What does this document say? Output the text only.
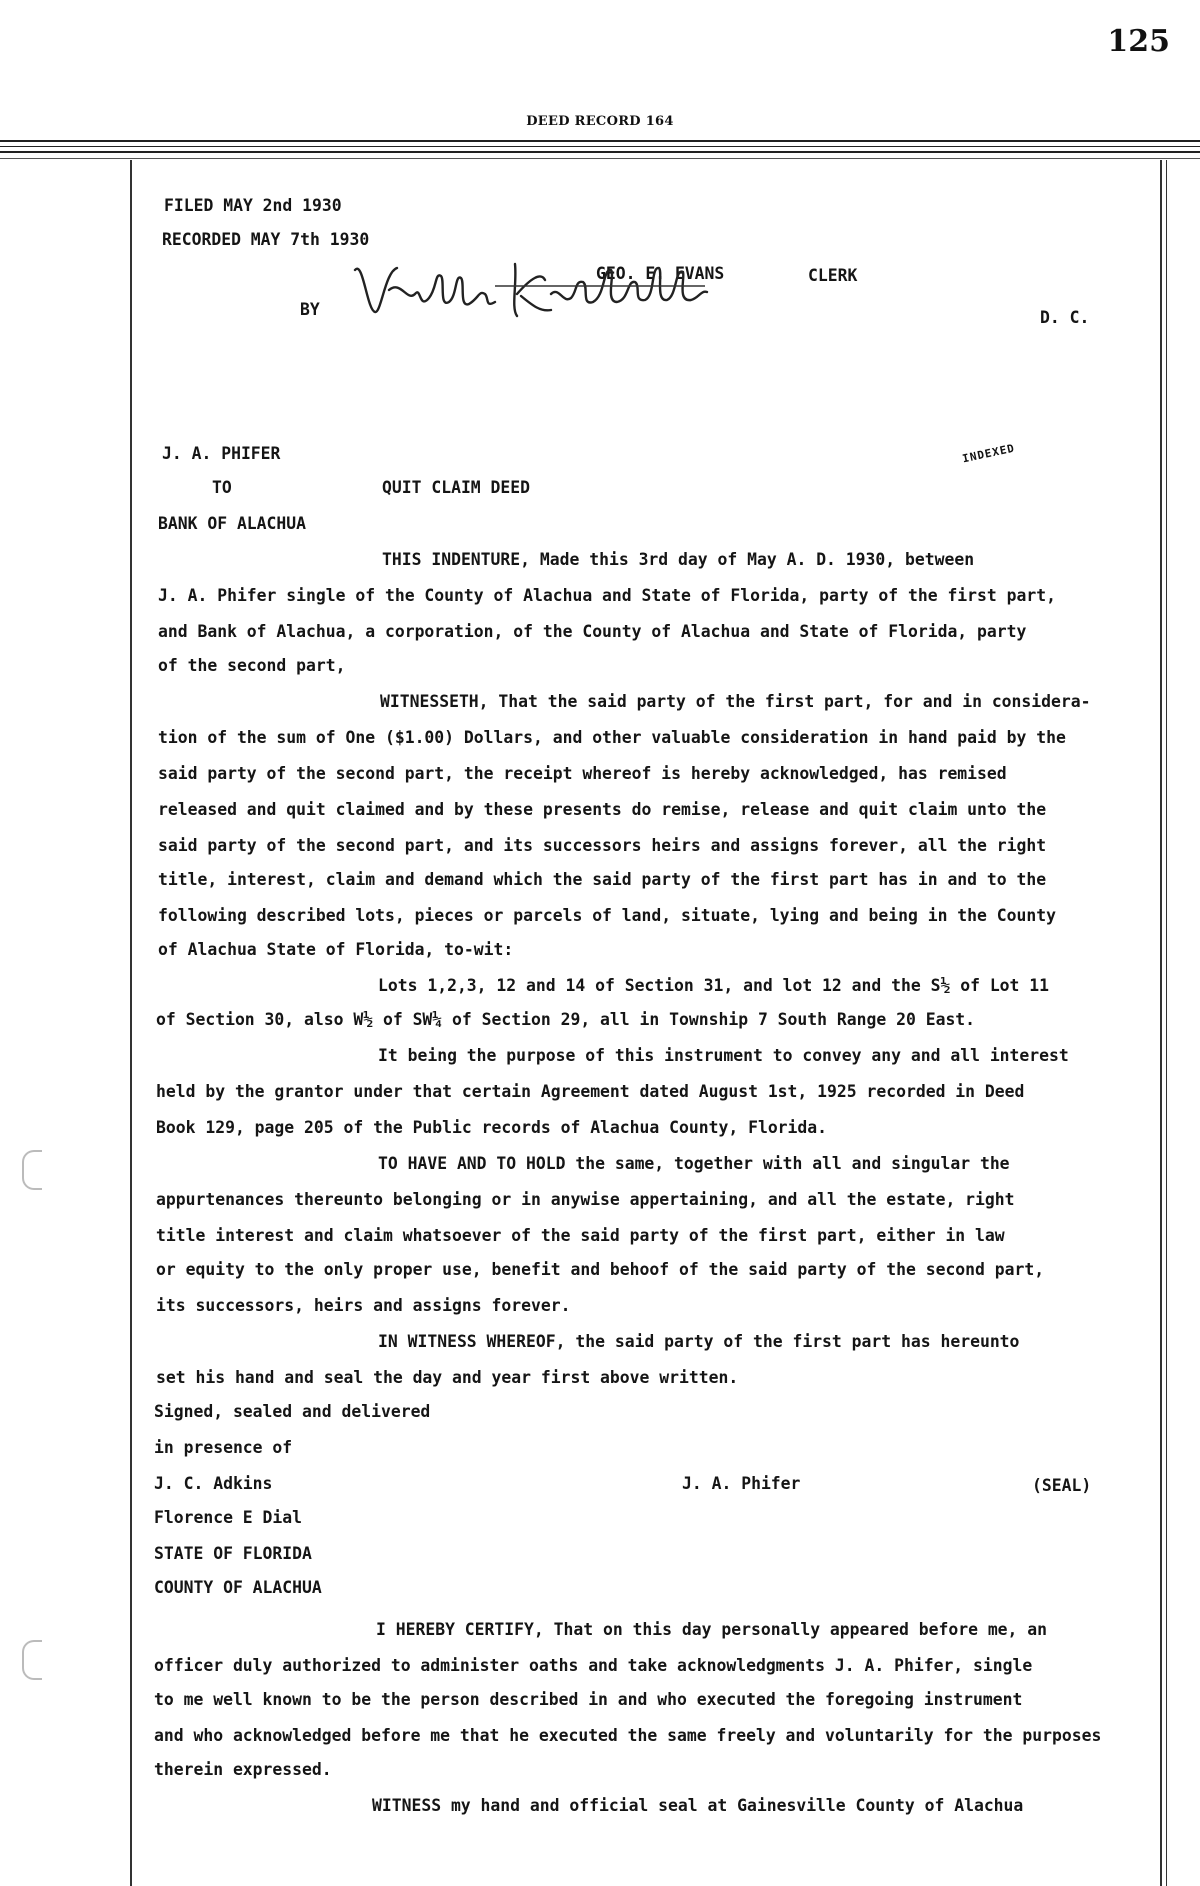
125
DEED RECORD 164
FILED MAY 2nd 1930
RECORDED MAY 7th 1930
GEO. E. EVANS	CLERK
BY	D. C.
J. A. PHIFER	INDEXED
TO	QUIT CLAIM DEED
BANK OF ALACHUA
THIS INDENTURE, Made this 3rd day of May A. D. 1930, between
J. A. Phifer single of the County of Alachua and State of Florida, party of the first part,
and Bank of Alachua, a corporation, of the County of Alachua and State of Florida, party
of the second part,
WITNESSETH, That the said party of the first part, for and in considera-
tion of the sum of One ($1.00) Dollars, and other valuable consideration in hand paid by the
said party of the second part, the receipt whereof is hereby acknowledged, has remised
released and quit claimed and by these presents do remise, release and quit claim unto the
said party of the second part, and its successors heirs and assigns forever, all the right
title, interest, claim and demand which the said party of the first part has in and to the
following described lots, pieces or parcels of land, situate, lying and being in the County
of Alachua State of Florida, to-wit:
Lots 1,2,3, 12 and 14 of Section 31, and lot 12 and the S½ of Lot 11
of Section 30, also W½ of SW¼ of Section 29, all in Township 7 South Range 20 East.
It being the purpose of this instrument to convey any and all interest
held by the grantor under that certain Agreement dated August 1st, 1925 recorded in Deed
Book 129, page 205 of the Public records of Alachua County, Florida.
TO HAVE AND TO HOLD the same, together with all and singular the
appurtenances thereunto belonging or in anywise appertaining, and all the estate, right
title interest and claim whatsoever of the said party of the first part, either in law
or equity to the only proper use, benefit and behoof of the said party of the second part,
its successors, heirs and assigns forever.
IN WITNESS WHEREOF, the said party of the first part has hereunto
set his hand and seal the day and year first above written.
Signed, sealed and delivered
in presence of
J. C. Adkins	J. A. Phifer	(SEAL)
Florence E Dial
STATE OF FLORIDA
COUNTY OF ALACHUA
I HEREBY CERTIFY, That on this day personally appeared before me, an
officer duly authorized to administer oaths and take acknowledgments J. A. Phifer, single
to me well known to be the person described in and who executed the foregoing instrument
and who acknowledged before me that he executed the same freely and voluntarily for the purposes
therein expressed.
WITNESS my hand and official seal at Gainesville County of Alachua
